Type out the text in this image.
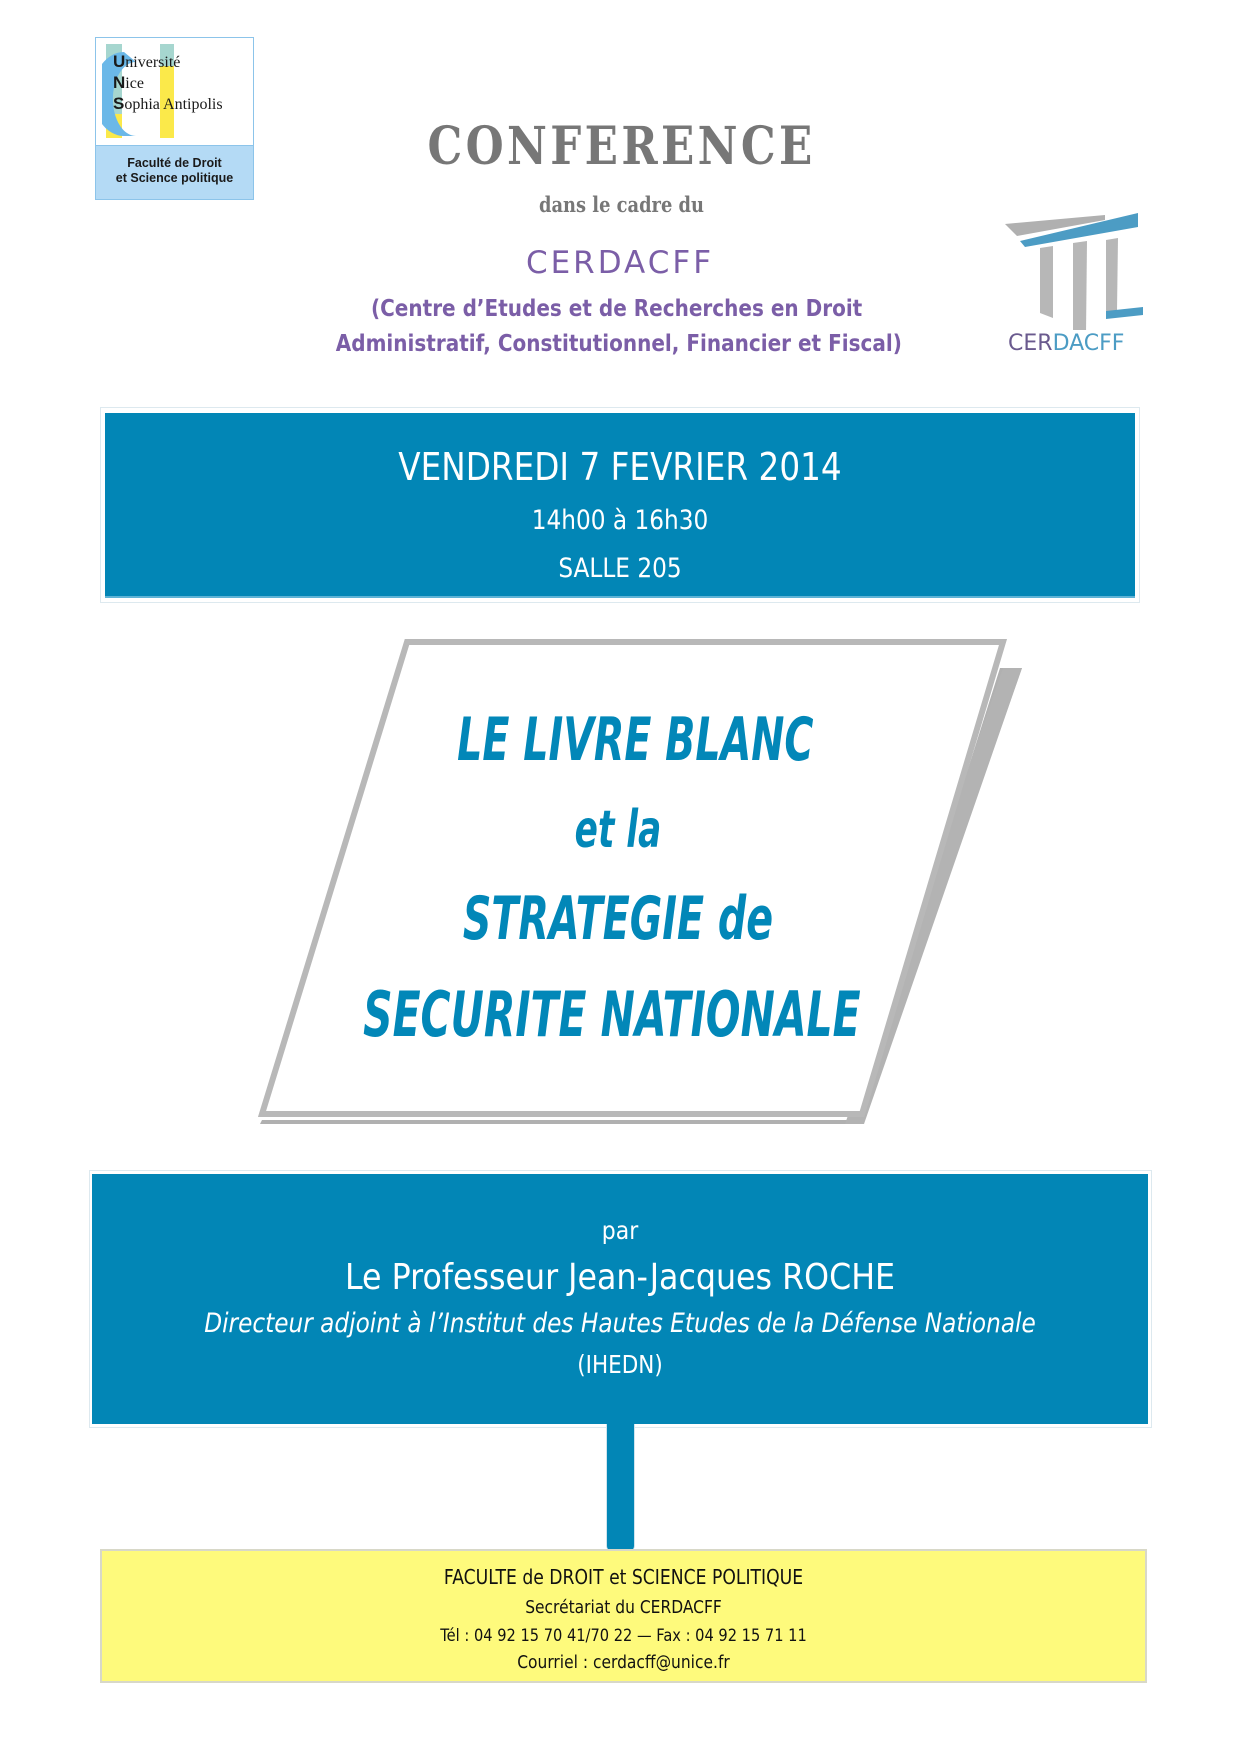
Université
Nice
Sophia Antipolis
Faculté de Droit
et Science politique
CONFERENCE
dans le cadre du
CERDACFF
(Centre d’Etudes et de Recherches en Droit
Administratif, Constitutionnel, Financier et Fiscal)	CERDACFF
VENDREDI 7 FEVRIER 2014
14h00 à 16h30
SALLE 205
LE LIVRE BLANC
et la
STRATEGIE de
SECURITE NATIONALE
par
Le Professeur Jean-Jacques ROCHE
Directeur adjoint à l’Institut des Hautes Etudes de la Défense Nationale
(IHEDN)
FACULTE de DROIT et SCIENCE POLITIQUE
Secrétariat du CERDACFF
Tél : 04 92 15 70 41/70 22 — Fax : 04 92 15 71 11
Courriel : cerdacff@unice.fr
